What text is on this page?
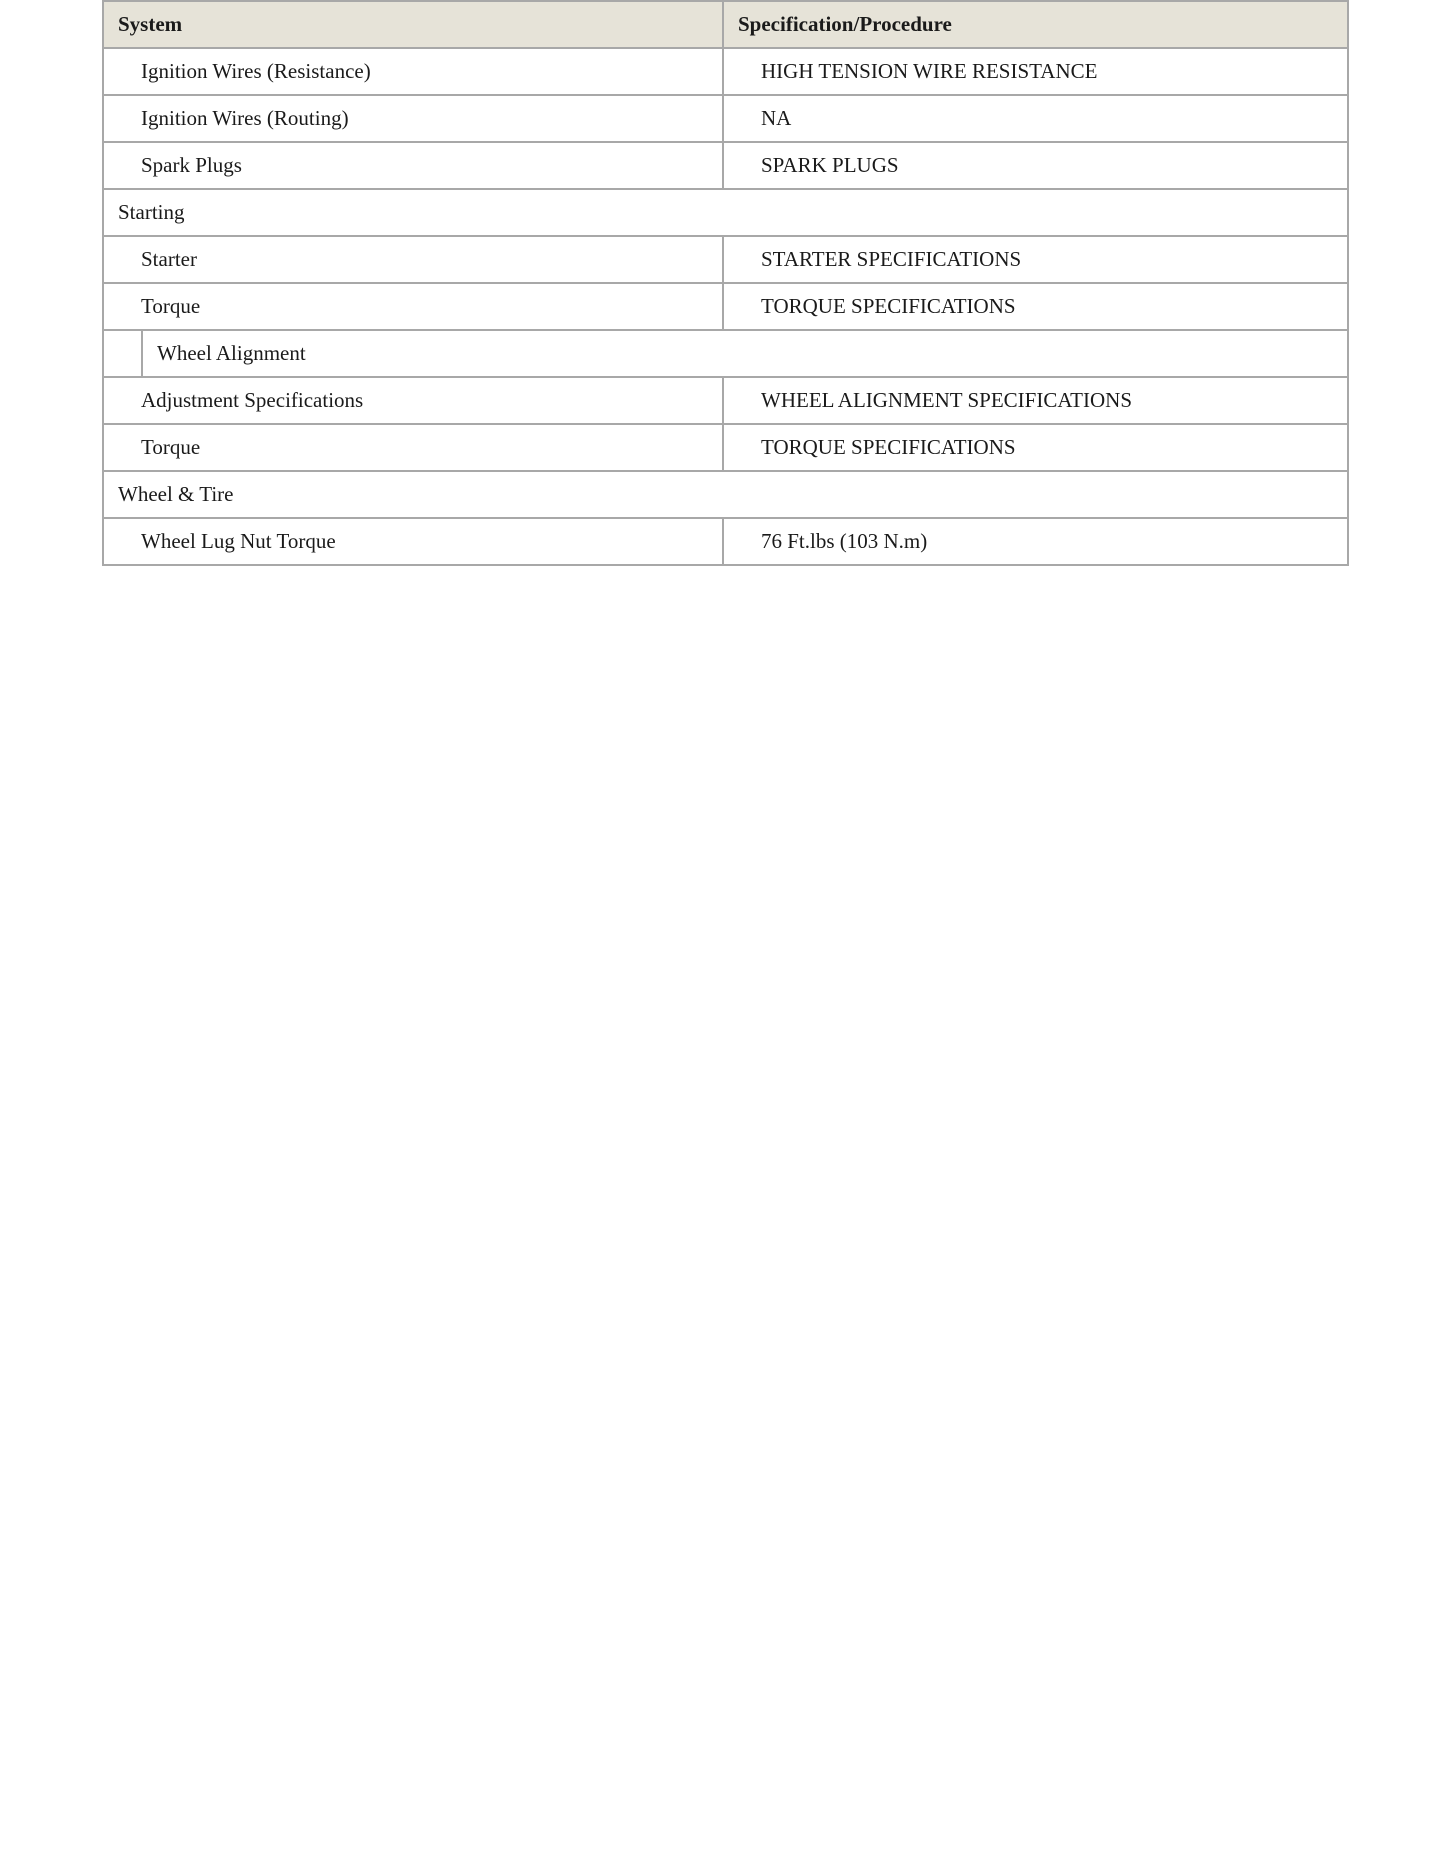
System	Specification/Procedure
Ignition Wires (Resistance)	HIGH TENSION WIRE RESISTANCE
Ignition Wires (Routing)	NA
Spark Plugs	SPARK PLUGS
Starting	
Starter	STARTER SPECIFICATIONS
Torque	TORQUE SPECIFICATIONS

Wheel Alignment	

Adjustment Specifications	WHEEL ALIGNMENT SPECIFICATIONS
Torque	TORQUE SPECIFICATIONS
Wheel & Tire	
Wheel Lug Nut Torque	76 Ft.lbs (103 N.m)
